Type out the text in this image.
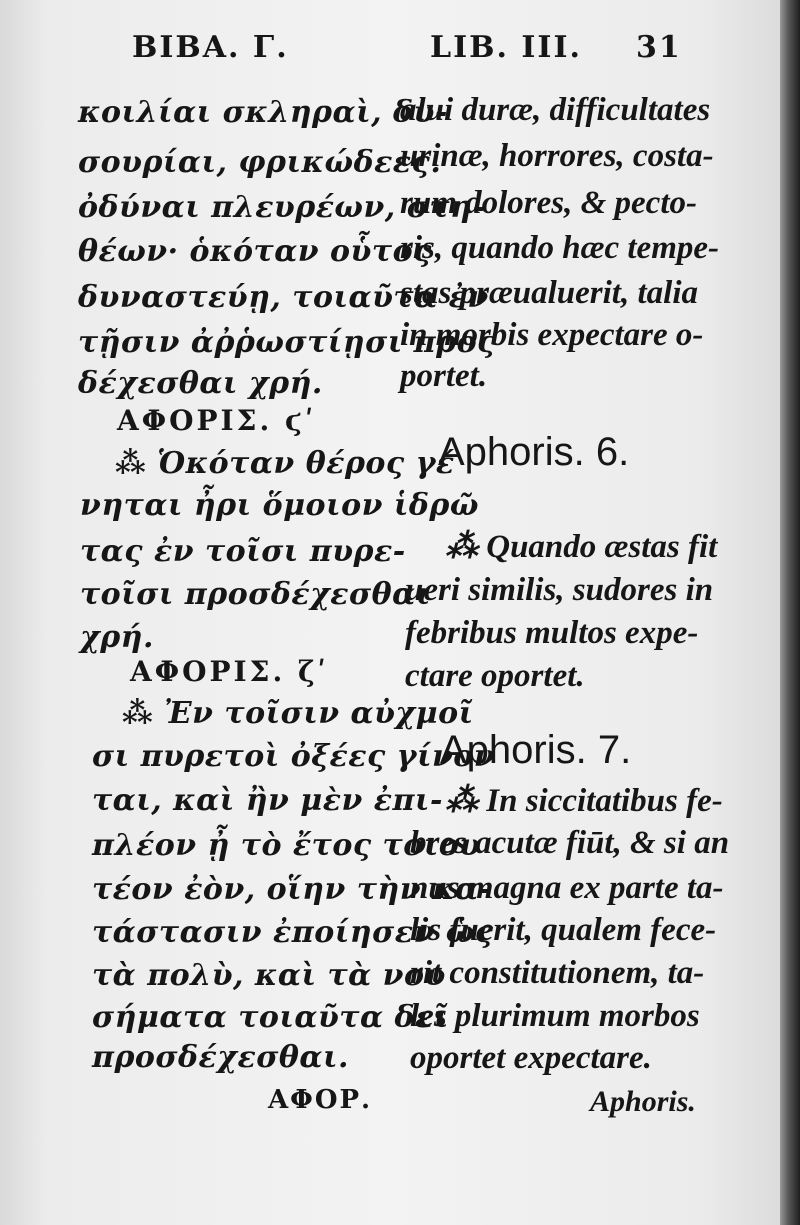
BIBA. Γ.	LIB. III. 31
κοιλίαι σκληραὶ, δυ-
σουρίαι, φρικώδεες.
ὀδύναι πλευρέων, στη-
θέων· ὁκόταν οὗτος
δυναστεύῃ, τοιαῦτα ἐν
τῇσιν ἀῤῥωστίῃσι προς
δέχεσθαι χρή.
ΑΦΟΡΙΣ. ϛʹ
⁂ Ὁκόταν θέρος γέ
νηται ἦρι ὅμοιον ἱδρῶ
τας ἐν τοῖσι πυρε-
τοῖσι προσδέχεσθαι
χρή.
ΑΦΟΡΙΣ. ζʹ
⁂ Ἐν τοῖσιν αὐχμοῖ
σι πυρετοὶ ὀξέες γίνον
ται, καὶ ἢν μὲν ἐπι-
πλέον ᾖ τὸ ἔτος τοιου
τέον ἐὸν, οἵην τὴν κα-
τάστασιν ἐποίησεν ὡς
τὰ πολὺ, καὶ τὰ νου
σήματα τοιαῦτα δεῖ
προσδέχεσθαι.
ΑΦΟΡ.
alui duræ, difficultates
urinæ, horrores, costa-
rum dolores, & pecto-
ris, quando hæc tempe-
stas præualuerit, talia
in morbis expectare o-
portet.
Aphoris. 6.
⁂ Quando æstas fit
ueri similis, sudores in
febribus multos expe-
ctare oportet.
Aphoris. 7.
⁂ In siccitatibus fe-
bres acutæ fiūt, & si an
nus magna ex parte ta-
lis fuerit, qualem fece-
rit constitutionem, ta-
les plurimum morbos
oportet expectare.
Aphoris.
